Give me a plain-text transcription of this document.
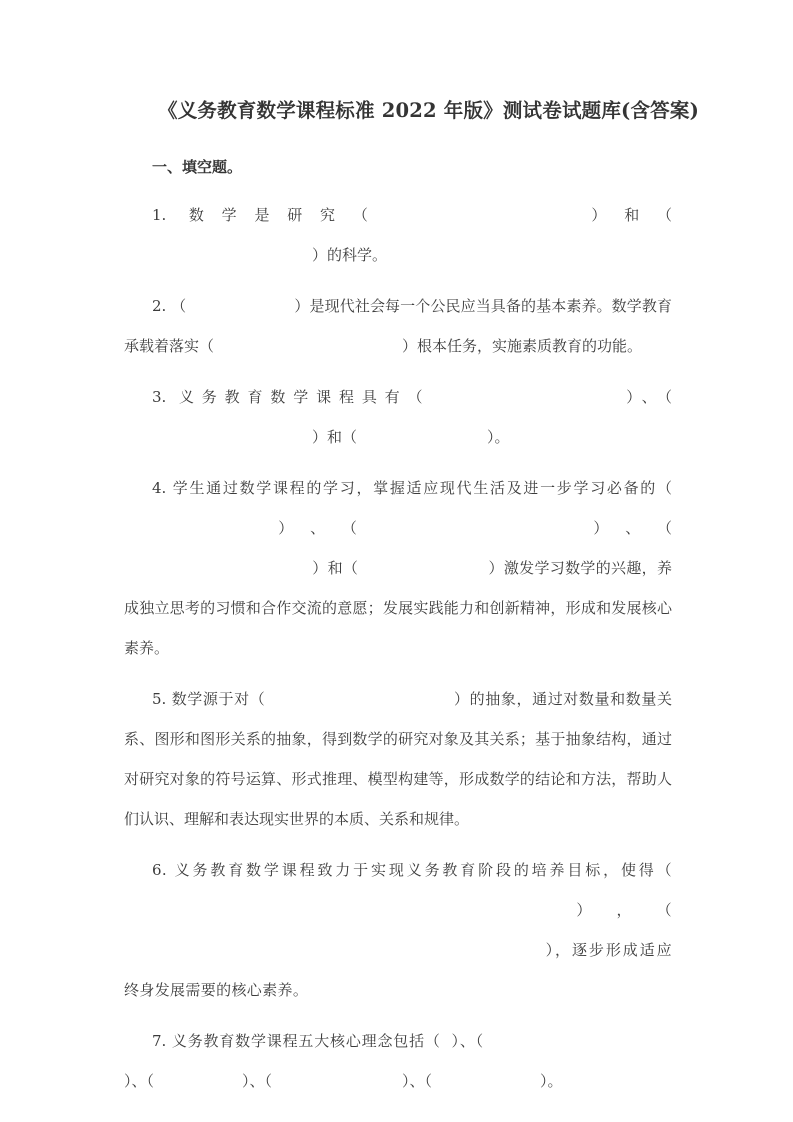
《义务教育数学课程标准 2022 年版》测试卷试题库(含答案)
一、填空题。

1. 数学是研究（	）和（ ）的科学。

2. （	）是现代社会每一个公民应当具备的基本素养。数学教育承载着落实（	）根本任务，实施素质教育的功能。

3. 义务教育数学课程具有（	）、（ ）和（	）。

4. 学生通过数学课程的学习，掌握适应现代生活及进一步学习必备的（ ）、（	）、（ ）和（	）激发学习数学的兴趣，养成独立思考的习惯和合作交流的意愿；发展实践能力和创新精神，形成和发展核心素养。

5. 数学源于对（	）的抽象，通过对数量和数量关系、图形和图形关系的抽象，得到数学的研究对象及其关系；基于抽象结构，通过对研究对象的符号运算、形式推理、模型构建等，形成数学的结论和方法，帮助人们认识、理解和表达现实世界的本质、关系和规律。

6. 义务教育数学课程致力于实现义务教育阶段的培养目标，使得（ ），（ ），逐步形成适应终身发展需要的核心素养。

7. 义务教育数学课程五大核心理念包括（ ）、（ ）、（	）、（	）、（	）。
